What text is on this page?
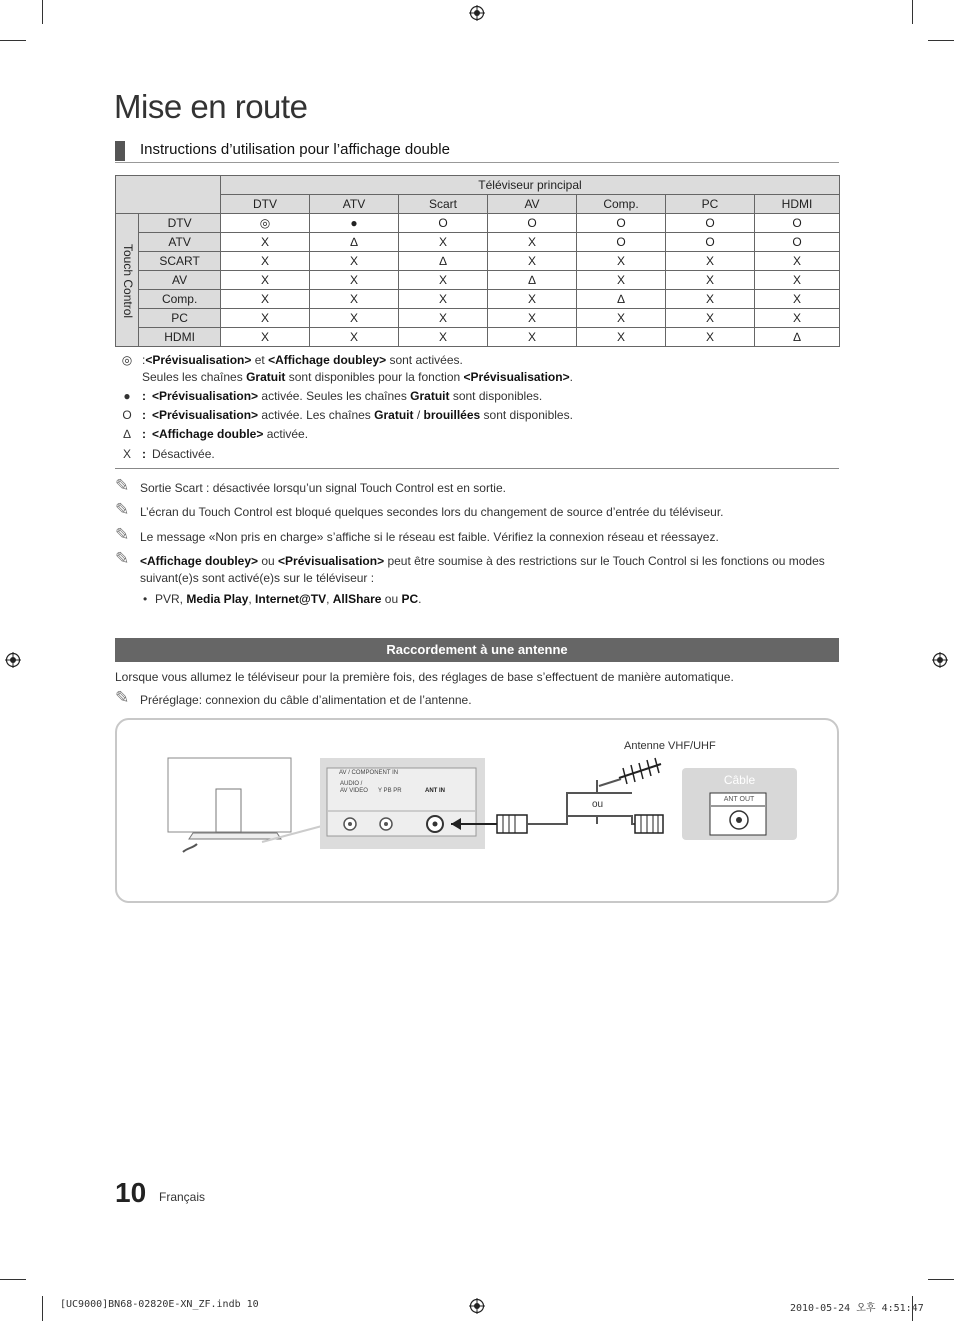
Mise en route
Instructions d’utilisation pour l’affichage double
		Téléviseur principal						
		DTV	ATV	Scart	AV	Comp.	PC	HDMI

Touch Control	DTV	◎	●	O	O	O	O	O
	ATV	X	∆	X	X	O	O	O
	SCART	X	X	∆	X	X	X	X
	AV	X	X	X	∆	X	X	X
	Comp.	X	X	X	X	∆	X	X
	PC	X	X	X	X	X	X	X
	HDMI	X	X	X	X	X	X	∆
◎ :<Prévisualisation> et <Affichage doubley> sont activées.
Seules les chaînes Gratuit sont disponibles pour la fonction <Prévisualisation>.
● : <Prévisualisation> activée. Seules les chaînes Gratuit sont disponibles.
O : <Prévisualisation> activée. Les chaînes Gratuit / brouillées sont disponibles.
∆ : <Affichage double> activée.
X : Désactivée.
✎ Sortie Scart : désactivée lorsqu’un signal Touch Control est en sortie.
✎ L’écran du Touch Control est bloqué quelques secondes lors du changement de source d’entrée du téléviseur.
✎ Le message «Non pris en charge» s’affiche si le réseau est faible. Vérifiez la connexion réseau et réessayez.
✎ <Affichage doubley> ou <Prévisualisation> peut être soumise à des restrictions sur le Touch Control si les fonctions ou modes suivant(e)s sont activé(e)s sur le téléviseur :
• PVR, Media Play, Internet@TV, AllShare ou PC.
Raccordement à une antenne
Lorsque vous allumez le téléviseur pour la première fois, des réglages de base s’effectuent de manière automatique.
✎ Préréglage: connexion du câble d’alimentation et de l’antenne.
Antenne VHF/UHF
ou
Câble
ANT OUT
AV / COMPONENT IN
AUDIO /
AV VIDEO Y PB PR	ANT IN
10 Français
[UC9000]BN68-02820E-XN_ZF.indb 10	2010-05-24 오후 4:51:47
